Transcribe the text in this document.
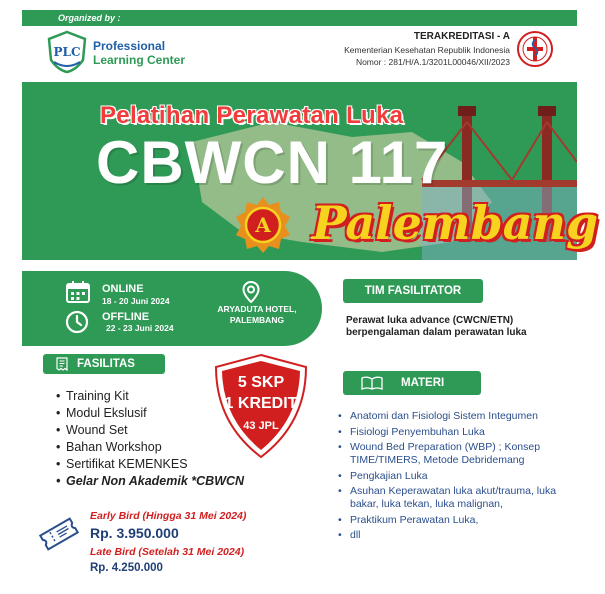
Organized by :
PLC Professional
Learning Center
TERAKREDITASI - A
Kementerian Kesehatan Republik Indonesia
Nomor : 281/H/A.1/3201L00046/XII/2023
Pelatihan Perawatan Luka
CBWCN 117
A Palembang
ONLINE
18 - 20 Juni 2024
OFFLINE
22 - 23 Juni 2024
ARYADUTA HOTEL, PALEMBANG
FASILITAS
• Training Kit
• Modul Ekslusif
• Wound Set
• Bahan Workshop
• Sertifikat KEMENKES
• Gelar Non Akademik *CBWCN
5 SKP
1 KREDIT
43 JPL
TIM FASILITATOR
Perawat luka advance (CWCN/ETN) berpengalaman dalam perawatan luka
MATERI
• Anatomi dan Fisiologi Sistem Integumen
• Fisiologi Penyembuhan Luka
• Wound Bed Preparation (WBP) ; Konsep TIME/TIMERS, Metode Debridemang
• Pengkajian Luka
• Asuhan Keperawatan luka akut/trauma, luka bakar, luka tekan, luka malignan,
• Praktikum Perawatan Luka,
• dll
Early Bird (Hingga 31 Mei 2024)
Rp. 3.950.000
Late Bird (Setelah 31 Mei 2024)
Rp. 4.250.000
